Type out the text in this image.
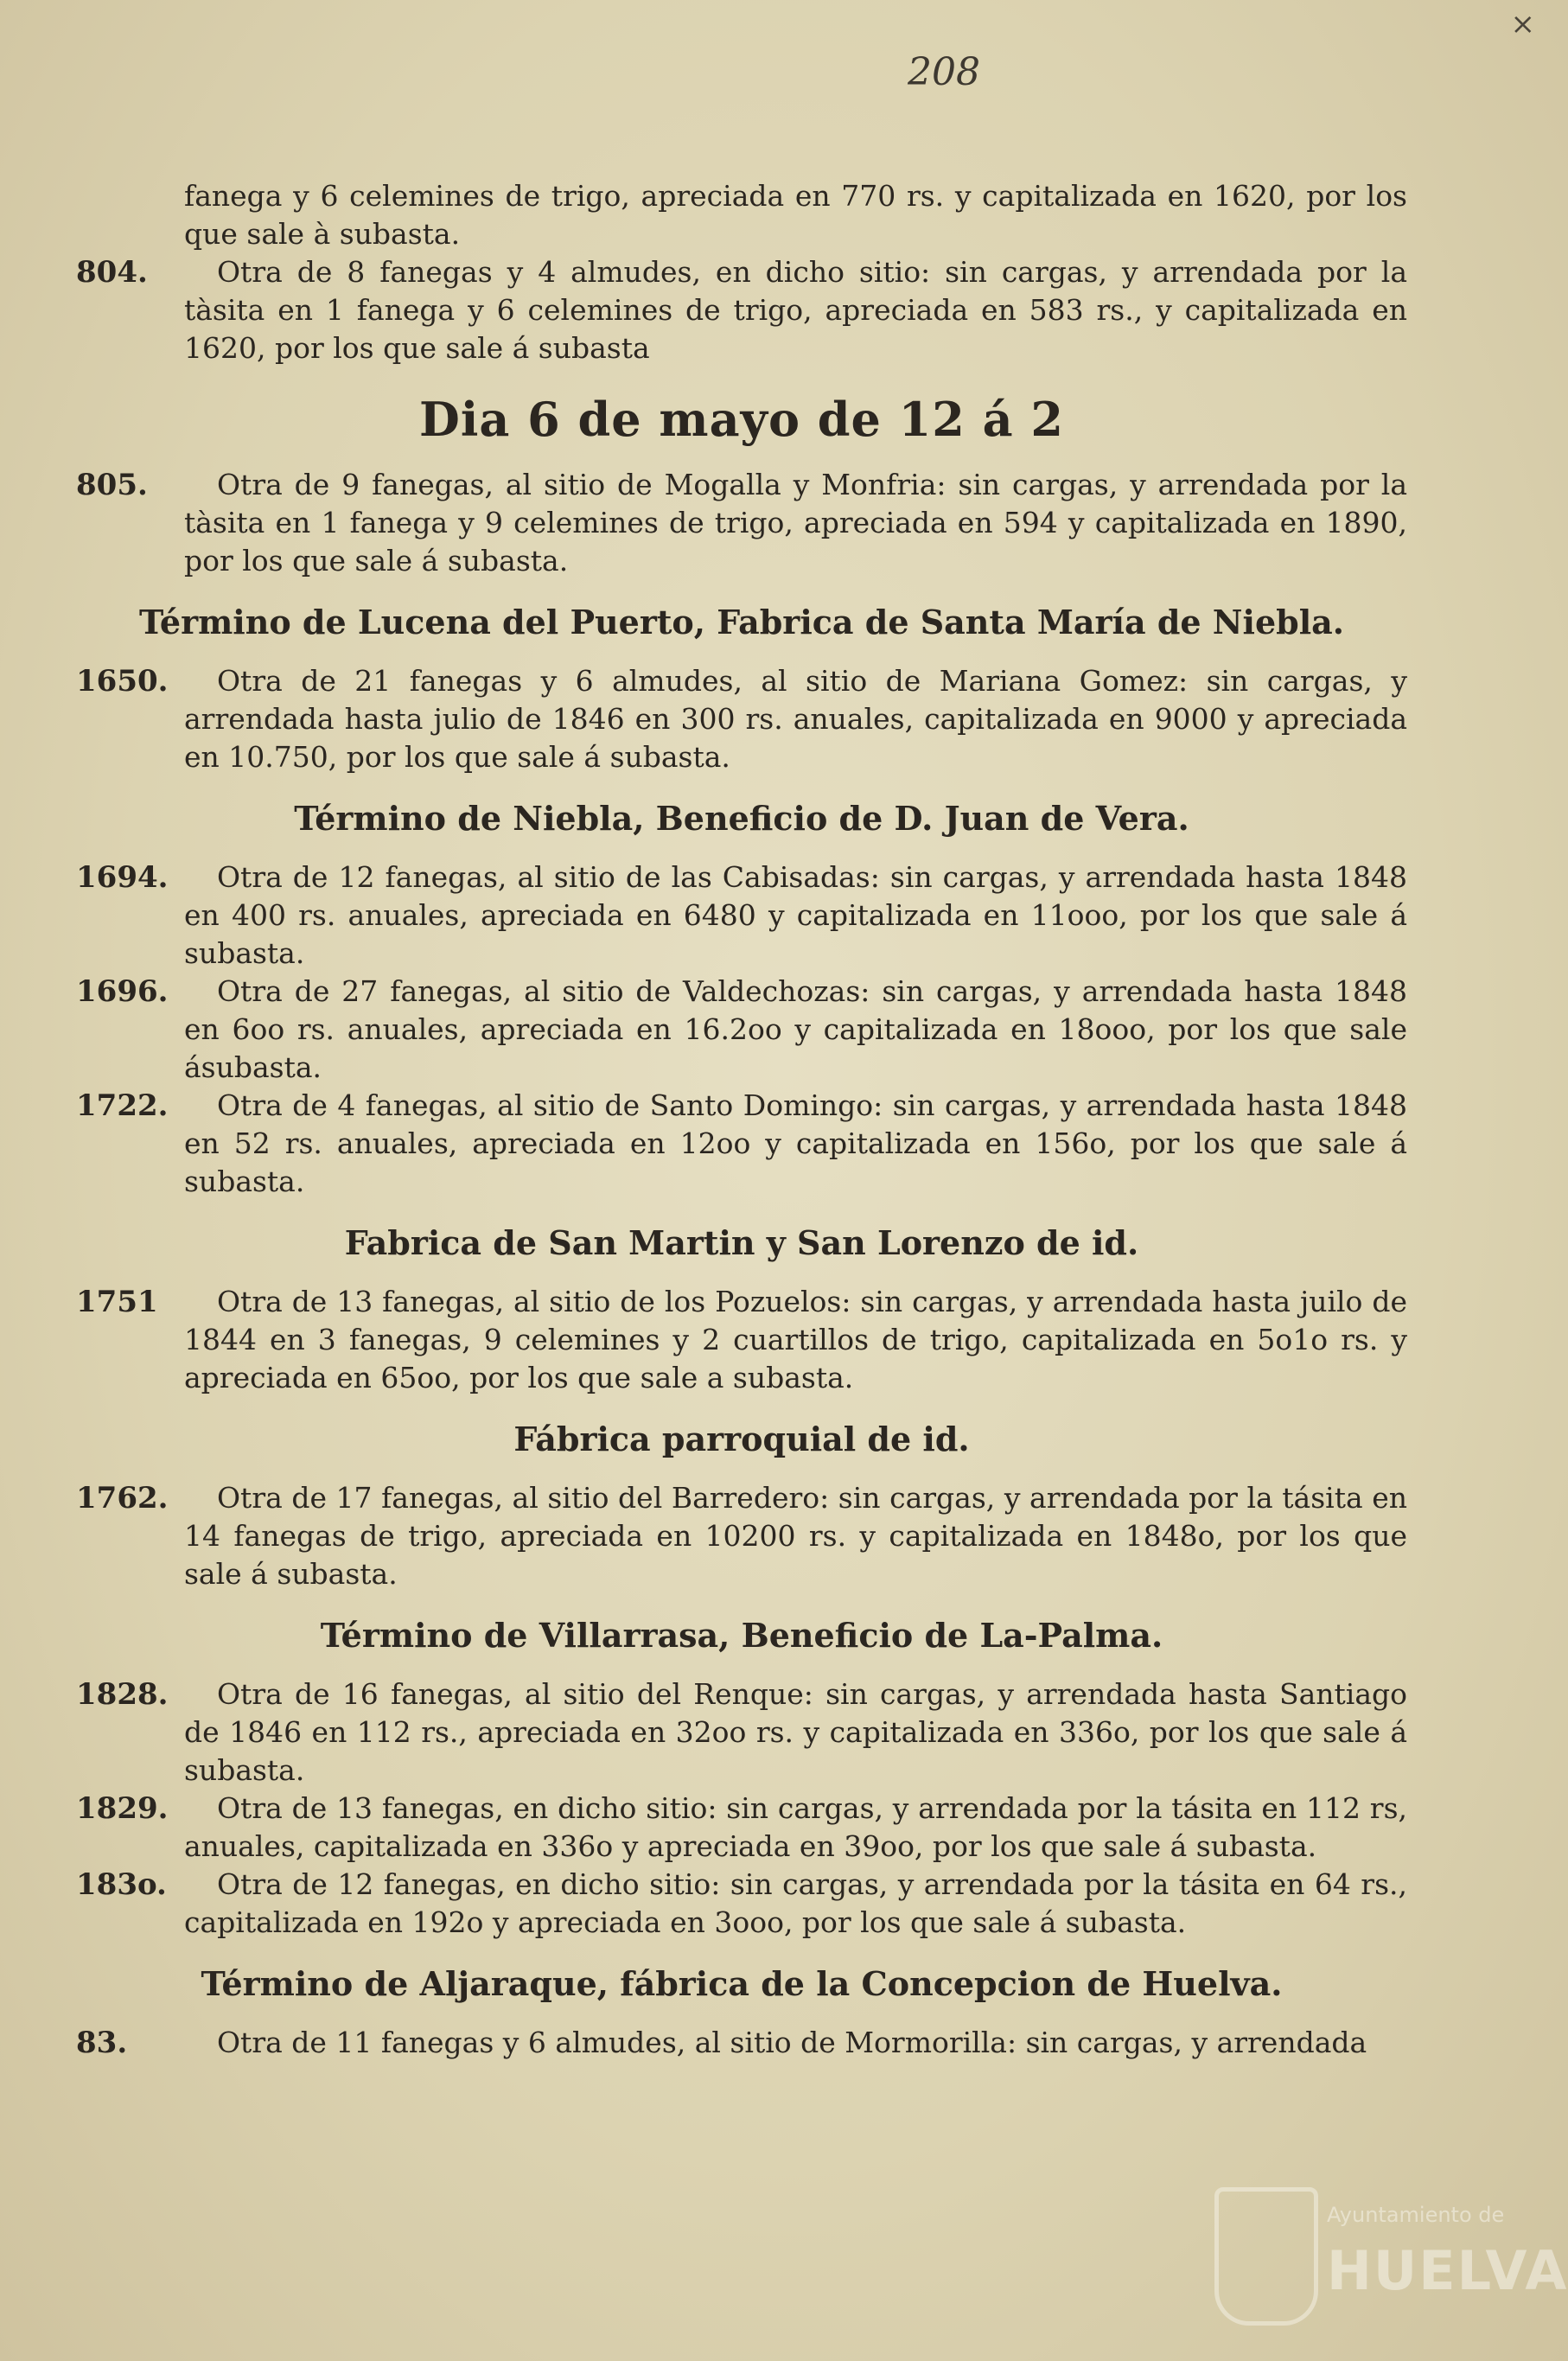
×
208
fanega y 6 celemines de trigo, apreciada en 770 rs. y capitalizada en 1620, por los que sale à subasta.
804.	Otra de 8 fanegas y 4 almudes, en dicho sitio: sin cargas, y arrendada por la tàsita en 1 fanega y 6 celemines de trigo, apreciada en 583 rs., y capitalizada en 1620, por los que sale á subasta
Dia 6 de mayo de 12 á 2
805.	Otra de 9 fanegas, al sitio de Mogalla y Monfria: sin cargas, y arrendada por la tàsita en 1 fanega y 9 celemines de trigo, apreciada en 594 y capitalizada en 1890, por los que sale á subasta.
Término de Lucena del Puerto, Fabrica de Santa María de Niebla.
1650.	Otra de 21 fanegas y 6 almudes, al sitio de Mariana Gomez: sin cargas, y arrendada hasta julio de 1846 en 300 rs. anuales, capitalizada en 9000 y apreciada en 10.750, por los que sale á subasta.
Término de Niebla, Beneficio de D. Juan de Vera.
1694.	Otra de 12 fanegas, al sitio de las Cabisadas: sin cargas, y arrendada hasta 1848 en 400 rs. anuales, apreciada en 6480 y capitalizada en 11ooo, por los que sale á subasta.
1696.	Otra de 27 fanegas, al sitio de Valdechozas: sin cargas, y arrendada hasta 1848 en 6oo rs. anuales, apreciada en 16.2oo y capitalizada en 18ooo, por los que sale ásubasta.
1722.	Otra de 4 fanegas, al sitio de Santo Domingo: sin cargas, y arrendada hasta 1848 en 52 rs. anuales, apreciada en 12oo y capitalizada en 156o, por los que sale á subasta.
Fabrica de San Martin y San Lorenzo de id.
1751	Otra de 13 fanegas, al sitio de los Pozuelos: sin cargas, y arrendada hasta juilo de 1844 en 3 fanegas, 9 celemines y 2 cuartillos de trigo, capitalizada en 5o1o rs. y apreciada en 65oo, por los que sale a subasta.
Fábrica parroquial de id.
1762.	Otra de 17 fanegas, al sitio del Barredero: sin cargas, y arrendada por la tásita en 14 fanegas de trigo, apreciada en 10200 rs. y capitalizada en 1848o, por los que sale á subasta.
Término de Villarrasa, Beneficio de La-Palma.
1828.	Otra de 16 fanegas, al sitio del Renque: sin cargas, y arrendada hasta Santiago de 1846 en 112 rs., apreciada en 32oo rs. y capitalizada en 336o, por los que sale á subasta.
1829.	Otra de 13 fanegas, en dicho sitio: sin cargas, y arrendada por la tásita en 112 rs, anuales, capitalizada en 336o y apreciada en 39oo, por los que sale á subasta.
183o.	Otra de 12 fanegas, en dicho sitio: sin cargas, y arrendada por la tásita en 64 rs., capitalizada en 192o y apreciada en 3ooo, por los que sale á subasta.
Término de Aljaraque, fábrica de la Concepcion de Huelva.
83.	Otra de 11 fanegas y 6 almudes, al sitio de Mormorilla: sin cargas, y arrendada
Ayuntamiento de
HUELVA
